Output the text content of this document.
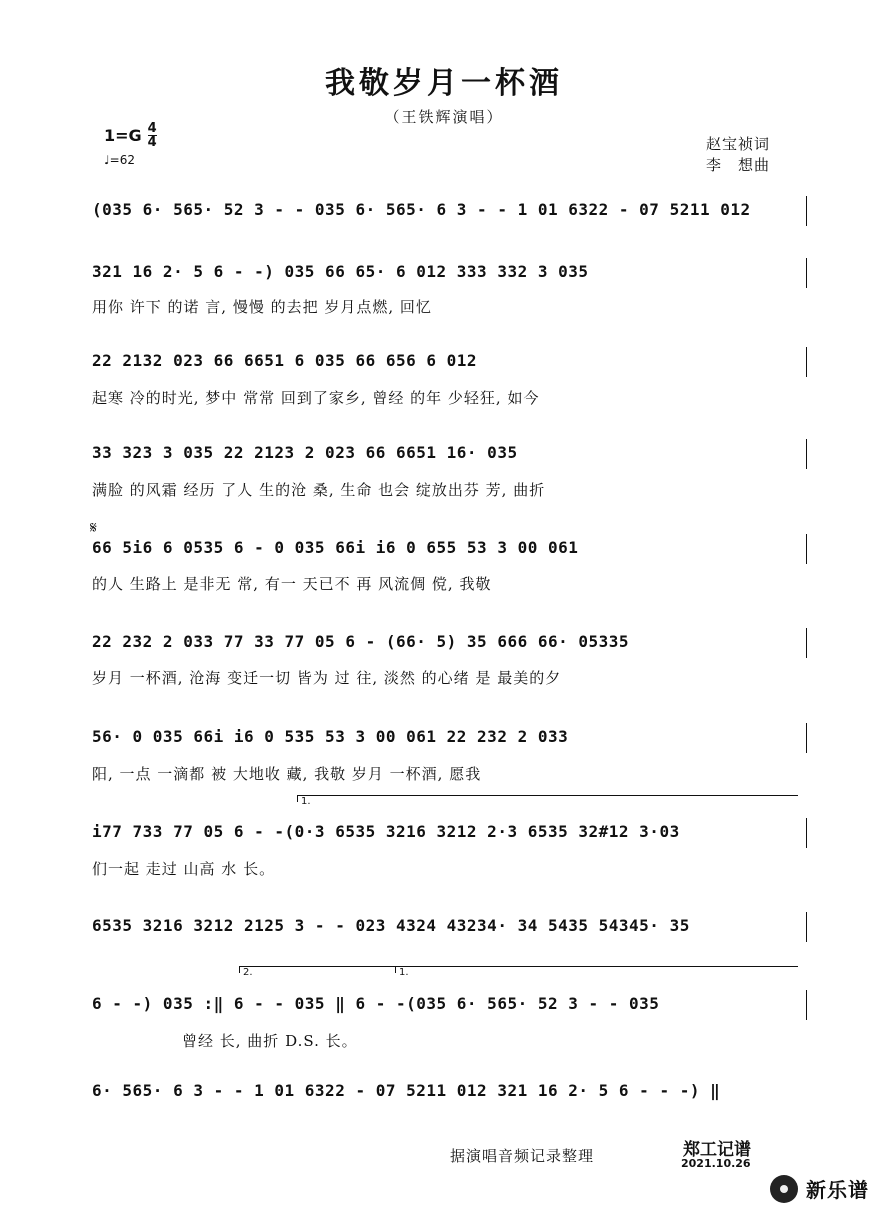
我敬岁月一杯酒
（王铁辉演唱）
1=G 4
4
♩=62
赵宝祯词
李　想曲
(035 6· 565· 52 3 - - 035 6· 565· 6 3 - - 1 01 6322 - 07 5211 012
321 16 2· 5 6 - -) 035 66 65· 6 012 333 332 3 035
用你 许下 的诺 言, 慢慢 的去把 岁月点燃, 回忆
22 2132 023 66 6651 6 035 66 656 6 012
起寒 冷的时光, 梦中 常常 回到了家乡, 曾经 的年 少轻狂, 如今
33 323 3 035 22 2123 2 023 66 6651 16· 035
满脸 的风霜 经历 了人 生的沧 桑, 生命 也会 绽放出芬 芳, 曲折
𝄋
66 5i6 6 0535 6 - 0 035 66i i6 0 655 53 3 00 061
的人 生路上 是非无 常, 有一 天已不 再 风流倜 傥, 我敬
22 232 2 033 77 33 77 05 6 - (66· 5) 35 666 66· 05335
岁月 一杯酒, 沧海 变迁一切 皆为 过 往, 淡然 的心绪 是 最美的夕
56· 0 035 66i i6 0 535 53 3 00 061 22 232 2 033
阳, 一点 一滴都 被 大地收 藏, 我敬 岁月 一杯酒, 愿我
1.
i77 733 77 05 6 - -(0·3 6535 3216 3212 2·3 6535 32#12 3·03
们一起 走过 山高 水 长。
6535 3216 3212 2125 3 - - 023 4324 43234· 34 5435 54345· 35
2.	1.
6 - -) 035 :‖ 6 - - 035 ‖ 6 - -(035 6· 565· 52 3 - - 035
曾经 长, 曲折 D.S. 长。
6· 565· 6 3 - - 1 01 6322 - 07 5211 012 321 16 2· 5 6 - - -) ‖
据演唱音频记录整理	郑工记谱
2021.10.26
新乐谱
